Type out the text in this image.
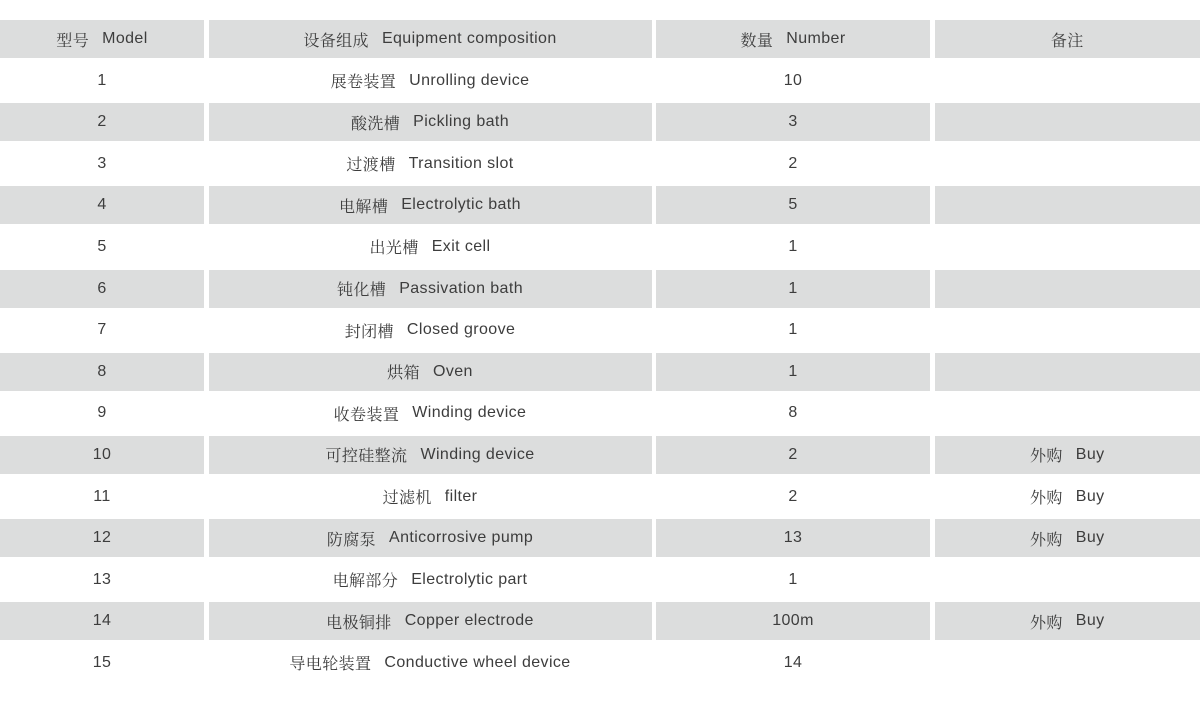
型号 Model	设备组成 Equipment composition	数量 Number	备注
1	展卷装置 Unrolling device	10
2	酸洗槽 Pickling bath	3
3	过渡槽 Transition slot	2
4	电解槽 Electrolytic bath	5
5	出光槽 Exit cell	1
6	钝化槽 Passivation bath	1
7	封闭槽 Closed groove	1
8	烘箱 Oven	1
9	收卷装置 Winding device	8
10	可控硅整流 Winding device	2	外购 Buy
11	过滤机 filter	2	外购 Buy
12	防腐泵 Anticorrosive pump	13	外购 Buy
13	电解部分 Electrolytic part	1
14	电极铜排 Copper electrode	100m	外购 Buy
15	导电轮装置 Conductive wheel device	14
